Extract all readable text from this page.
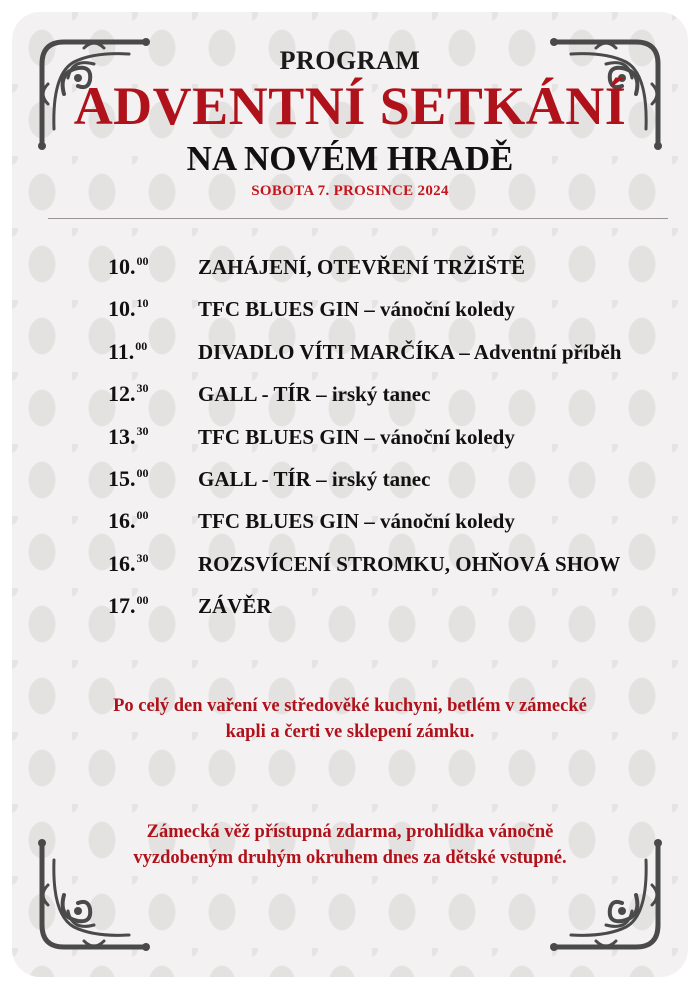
PROGRAM
ADVENTNÍ SETKÁNÍ
NA NOVÉM HRADĚ
SOBOTA 7. PROSINCE 2024
10.00	ZAHÁJENÍ, OTEVŘENÍ TRŽIŠTĚ
10.10	TFC BLUES GIN – vánoční koledy
11.00	DIVADLO VÍTI MARČÍKA – Adventní příběh
12.30	GALL - TÍR – irský tanec
13.30	TFC BLUES GIN – vánoční koledy
15.00	GALL - TÍR – irský tanec
16.00	TFC BLUES GIN – vánoční koledy
16.30	ROZSVÍCENÍ STROMKU, OHŇOVÁ SHOW
17.00	ZÁVĚR
Po celý den vaření ve středověké kuchyni, betlém v zámecké
kapli a čerti ve sklepení zámku.
Zámecká věž přístupná zdarma, prohlídka vánočně
vyzdobeným druhým okruhem dnes za dětské vstupné.
